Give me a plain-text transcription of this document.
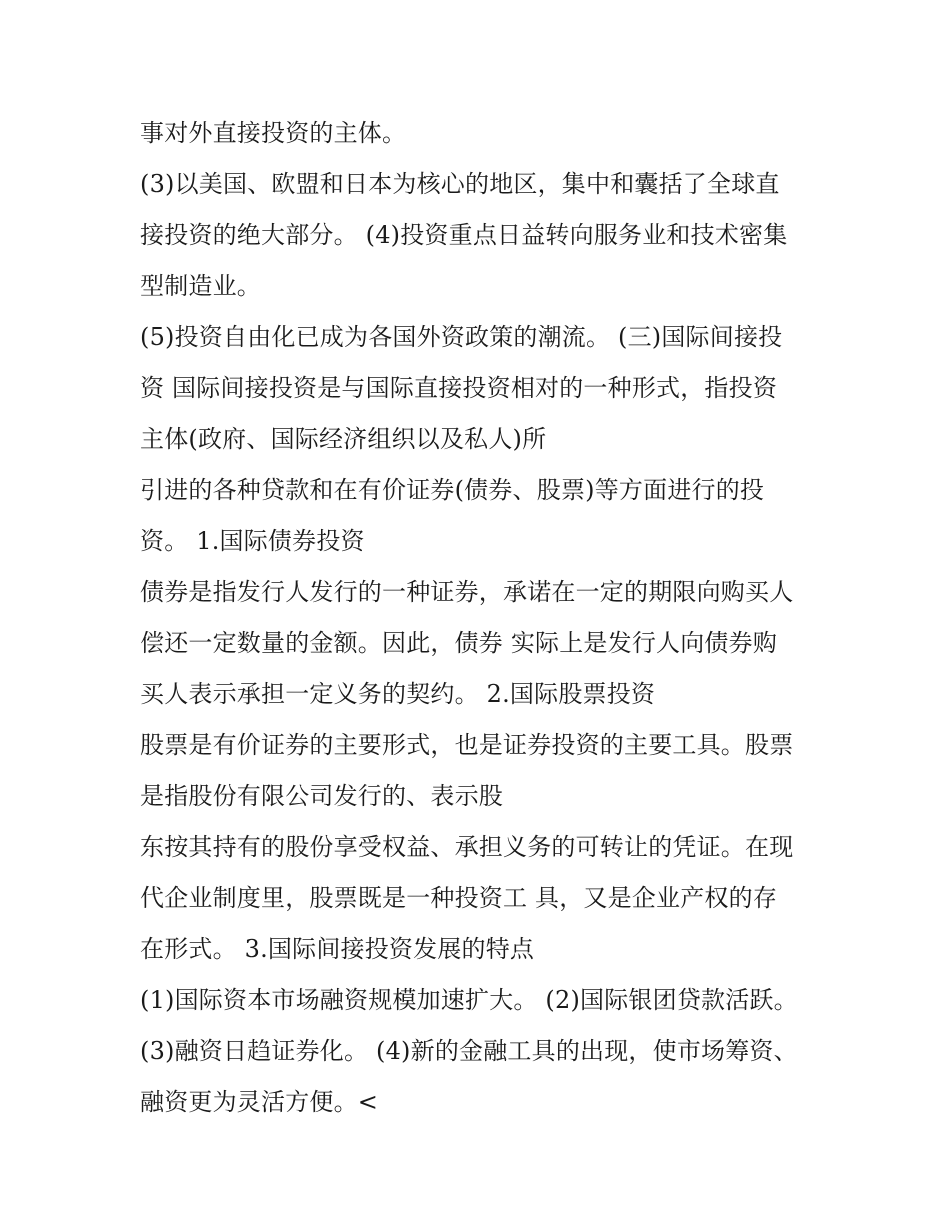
事对外直接投资的主体。
(3)以美国、欧盟和日本为核心的地区，集中和囊括了全球直
接投资的绝大部分。 (4)投资重点日益转向服务业和技术密集
型制造业。
(5)投资自由化已成为各国外资政策的潮流。 (三)国际间接投
资 国际间接投资是与国际直接投资相对的一种形式，指投资
主体(政府、国际经济组织以及私人)所
引进的各种贷款和在有价证券(债券、股票)等方面进行的投
资。 1.国际债券投资
债券是指发行人发行的一种证券，承诺在一定的期限向购买人
偿还一定数量的金额。因此，债券 实际上是发行人向债券购
买人表示承担一定义务的契约。 2.国际股票投资
股票是有价证券的主要形式，也是证券投资的主要工具。股票
是指股份有限公司发行的、表示股
东按其持有的股份享受权益、承担义务的可转让的凭证。在现
代企业制度里，股票既是一种投资工 具，又是企业产权的存
在形式。 3.国际间接投资发展的特点
(1)国际资本市场融资规模加速扩大。 (2)国际银团贷款活跃。
(3)融资日趋证券化。 (4)新的金融工具的出现，使市场筹资、
融资更为灵活方便。<
